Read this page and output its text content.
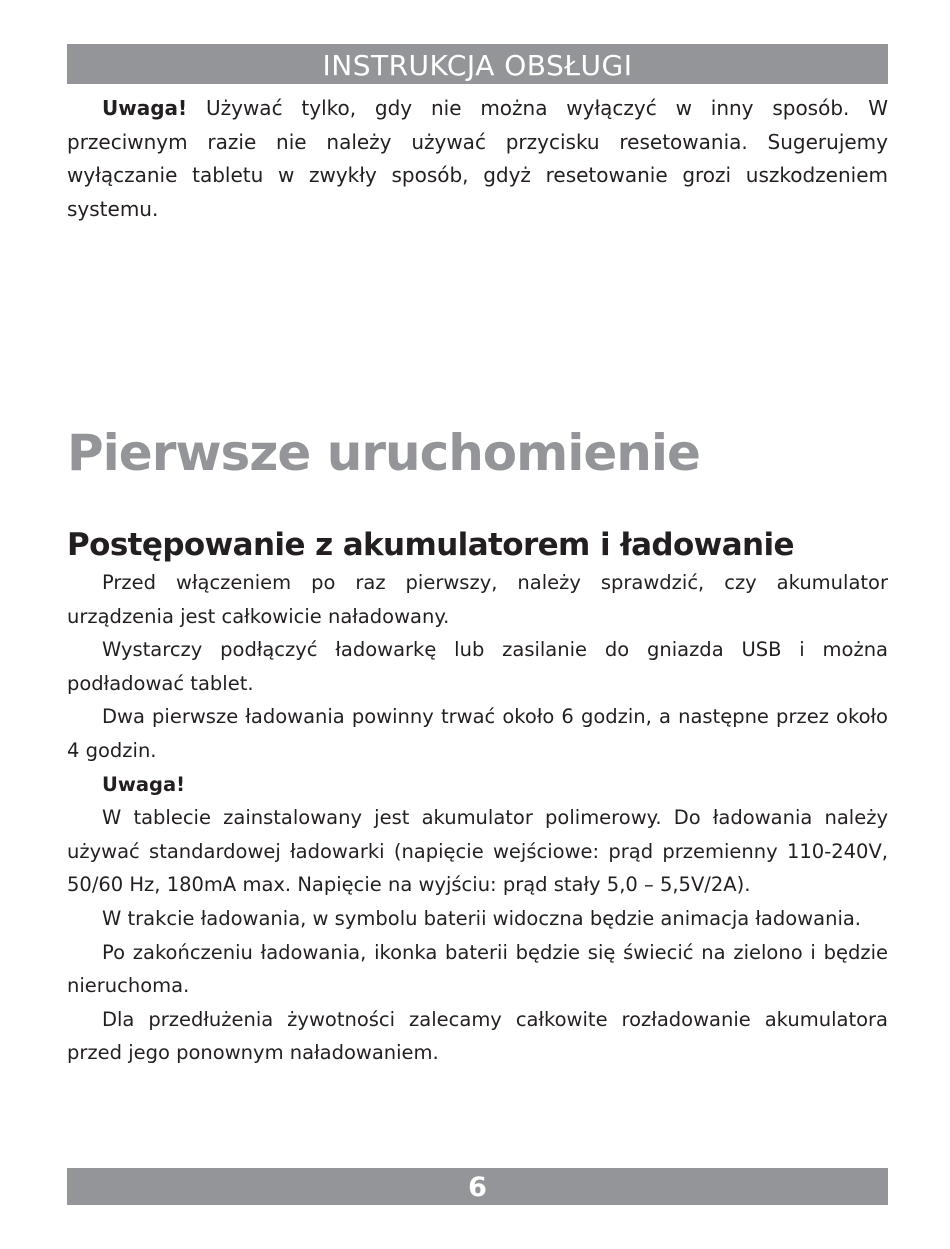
INSTRUKCJA OBSŁUGI

Uwaga! Używać tylko, gdy nie można wyłączyć w inny sposób. W przeciwnym razie nie należy używać przycisku resetowania. Sugerujemy wyłączanie tabletu w zwykły sposób, gdyż resetowanie grozi uszkodzeniem systemu.

Pierwsze uruchomienie
Postępowanie z akumulatorem i ładowanie

Przed włączeniem po raz pierwszy, należy sprawdzić, czy akumulator urządzenia jest całkowicie naładowany.

Wystarczy podłączyć ładowarkę lub zasilanie do gniazda USB i można podładować tablet.

Dwa pierwsze ładowania powinny trwać około 6 godzin, a następne przez około 4 godzin.

Uwaga!

W tablecie zainstalowany jest akumulator polimerowy. Do ładowania należy używać standardowej ładowarki (napięcie wejściowe: prąd przemienny 110-240V, 50/60 Hz, 180mA max. Napięcie na wyjściu: prąd stały 5,0 – 5,5V/2A).

W trakcie ładowania, w symbolu baterii widoczna będzie animacja ładowania.

Po zakończeniu ładowania, ikonka baterii będzie się świecić na zielono i będzie nieruchoma.

Dla przedłużenia żywotności zalecamy całkowite rozładowanie akumulatora przed jego ponownym naładowaniem.

6
